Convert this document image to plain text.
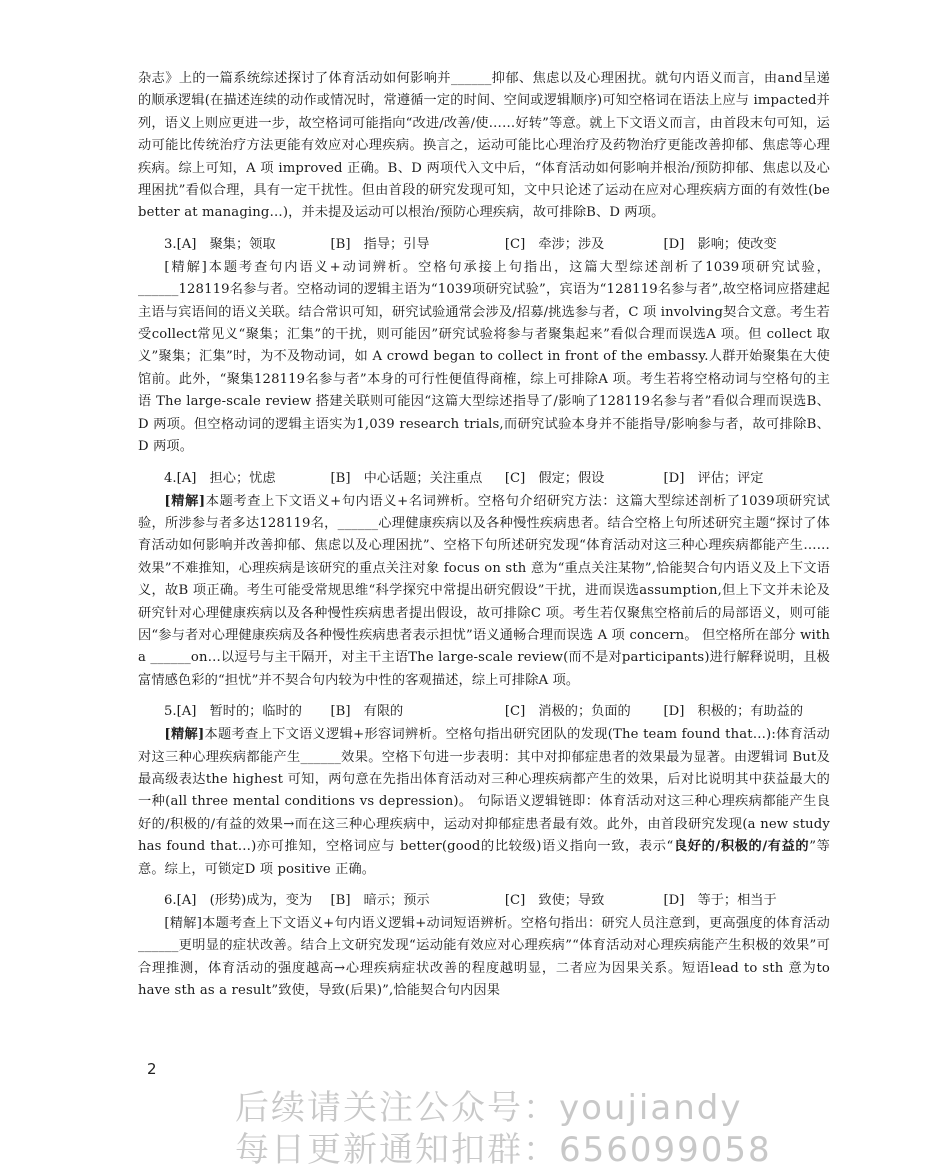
杂志》上的一篇系统综述探讨了体育活动如何影响并______抑郁、焦虑以及心理困扰。就句内语义而言，由and呈递的顺承逻辑(在描述连续的动作或情况时，常遵循一定的时间、空间或逻辑顺序)可知空格词在语法上应与 impacted并列，语义上则应更进一步，故空格词可能指向“改进/改善/使……好转”等意。就上下文语义而言，由首段末句可知，运动可能比传统治疗方法更能有效应对心理疾病。换言之，运动可能比心理治疗及药物治疗更能改善抑郁、焦虑等心理疾病。综上可知，A 项 improved 正确。B、D 两项代入文中后，“体育活动如何影响并根治/预防抑郁、焦虑以及心理困扰”看似合理，具有一定干扰性。但由首段的研究发现可知，文中只论述了运动在应对心理疾病方面的有效性(be better at managing…)，并未提及运动可以根治/预防心理疾病，故可排除B、D 两项。

3.[A]　聚集；领取	[B]　指导；引导	[C]　牵涉；涉及	[D]　影响；使改变

[精解]本题考查句内语义+动词辨析。空格句承接上句指出，这篇大型综述剖析了1039项研究试验，______128119名参与者。空格动词的逻辑主语为“1039项研究试验”，宾语为“128119名参与者”,故空格词应搭建起主语与宾语间的语义关联。结合常识可知，研究试验通常会涉及/招募/挑选参与者，C 项 involving契合文意。考生若受collect常见义“聚集；汇集”的干扰，则可能因”研究试验将参与者聚集起来”看似合理而误选A 项。但 collect 取义”聚集；汇集”时，为不及物动词，如 A crowd began to collect in front of the embassy.人群开始聚集在大使馆前。此外，“聚集128119名参与者”本身的可行性便值得商榷，综上可排除A 项。考生若将空格动词与空格句的主语 The large-scale review 搭建关联则可能因“这篇大型综述指导了/影响了128119名参与者”看似合理而误选B、D 两项。但空格动词的逻辑主语实为1,039 research trials,而研究试验本身并不能指导/影响参与者，故可排除B、D 两项。

4.[A]　担心；忧虑	[B]　中心话题；关注重点	[C]　假定；假设	[D]　评估；评定

[精解]本题考查上下文语义+句内语义+名词辨析。空格句介绍研究方法：这篇大型综述剖析了1039项研究试验，所涉参与者多达128119名，______心理健康疾病以及各种慢性疾病患者。结合空格上句所述研究主题“探讨了体育活动如何影响并改善抑郁、焦虑以及心理困扰”、空格下句所述研究发现“体育活动对这三种心理疾病都能产生……效果”不难推知，心理疾病是该研究的重点关注对象 focus on sth 意为“重点关注某物”,恰能契合句内语义及上下文语义，故B 项正确。考生可能受常规思维“科学探究中常提出研究假设”干扰，进而误选assumption,但上下文并未论及研究针对心理健康疾病以及各种慢性疾病患者提出假设，故可排除C 项。考生若仅聚焦空格前后的局部语义，则可能因“参与者对心理健康疾病及各种慢性疾病患者表示担忧”语义通畅合理而误选 A 项 concern。 但空格所在部分 with a ______on…以逗号与主干隔开，对主干主语The large-scale review(而不是对participants)进行解释说明，且极富情感色彩的“担忧”并不契合句内较为中性的客观描述，综上可排除A 项。

5.[A]　暂时的；临时的	[B]　有限的	[C]　消极的；负面的	[D]　积极的；有助益的

[精解]本题考查上下文语义逻辑+形容词辨析。空格句指出研究团队的发现(The team found that…):体育活动对这三种心理疾病都能产生______效果。空格下句进一步表明：其中对抑郁症患者的效果最为显著。由逻辑词 But及最高级表达the highest 可知，两句意在先指出体育活动对三种心理疾病都产生的效果，后对比说明其中获益最大的一种(all three mental conditions vs depression)。 句际语义逻辑链即：体育活动对这三种心理疾病都能产生良好的/积极的/有益的效果→而在这三种心理疾病中，运动对抑郁症患者最有效。此外，由首段研究发现(a new study has found that…)亦可推知，空格词应与 better(good的比较级)语义指向一致，表示“良好的/积极的/有益的”等意。综上，可锁定D 项 positive 正确。

6.[A]　(形势)成为，变为	[B]　暗示；预示	[C]　致使；导致	[D]　等于；相当于

[精解]本题考查上下文语义+句内语义逻辑+动词短语辨析。空格句指出：研究人员注意到，更高强度的体育活动______更明显的症状改善。结合上文研究发现“运动能有效应对心理疾病”“体育活动对心理疾病能产生积极的效果”可合理推测，体育活动的强度越高→心理疾病症状改善的程度越明显，二者应为因果关系。短语lead to sth 意为to have sth as a result”致使，导致(后果)”,恰能契合句内因果

2
后续请关注公众号：youjiandy
每日更新通知扣群：656099058
